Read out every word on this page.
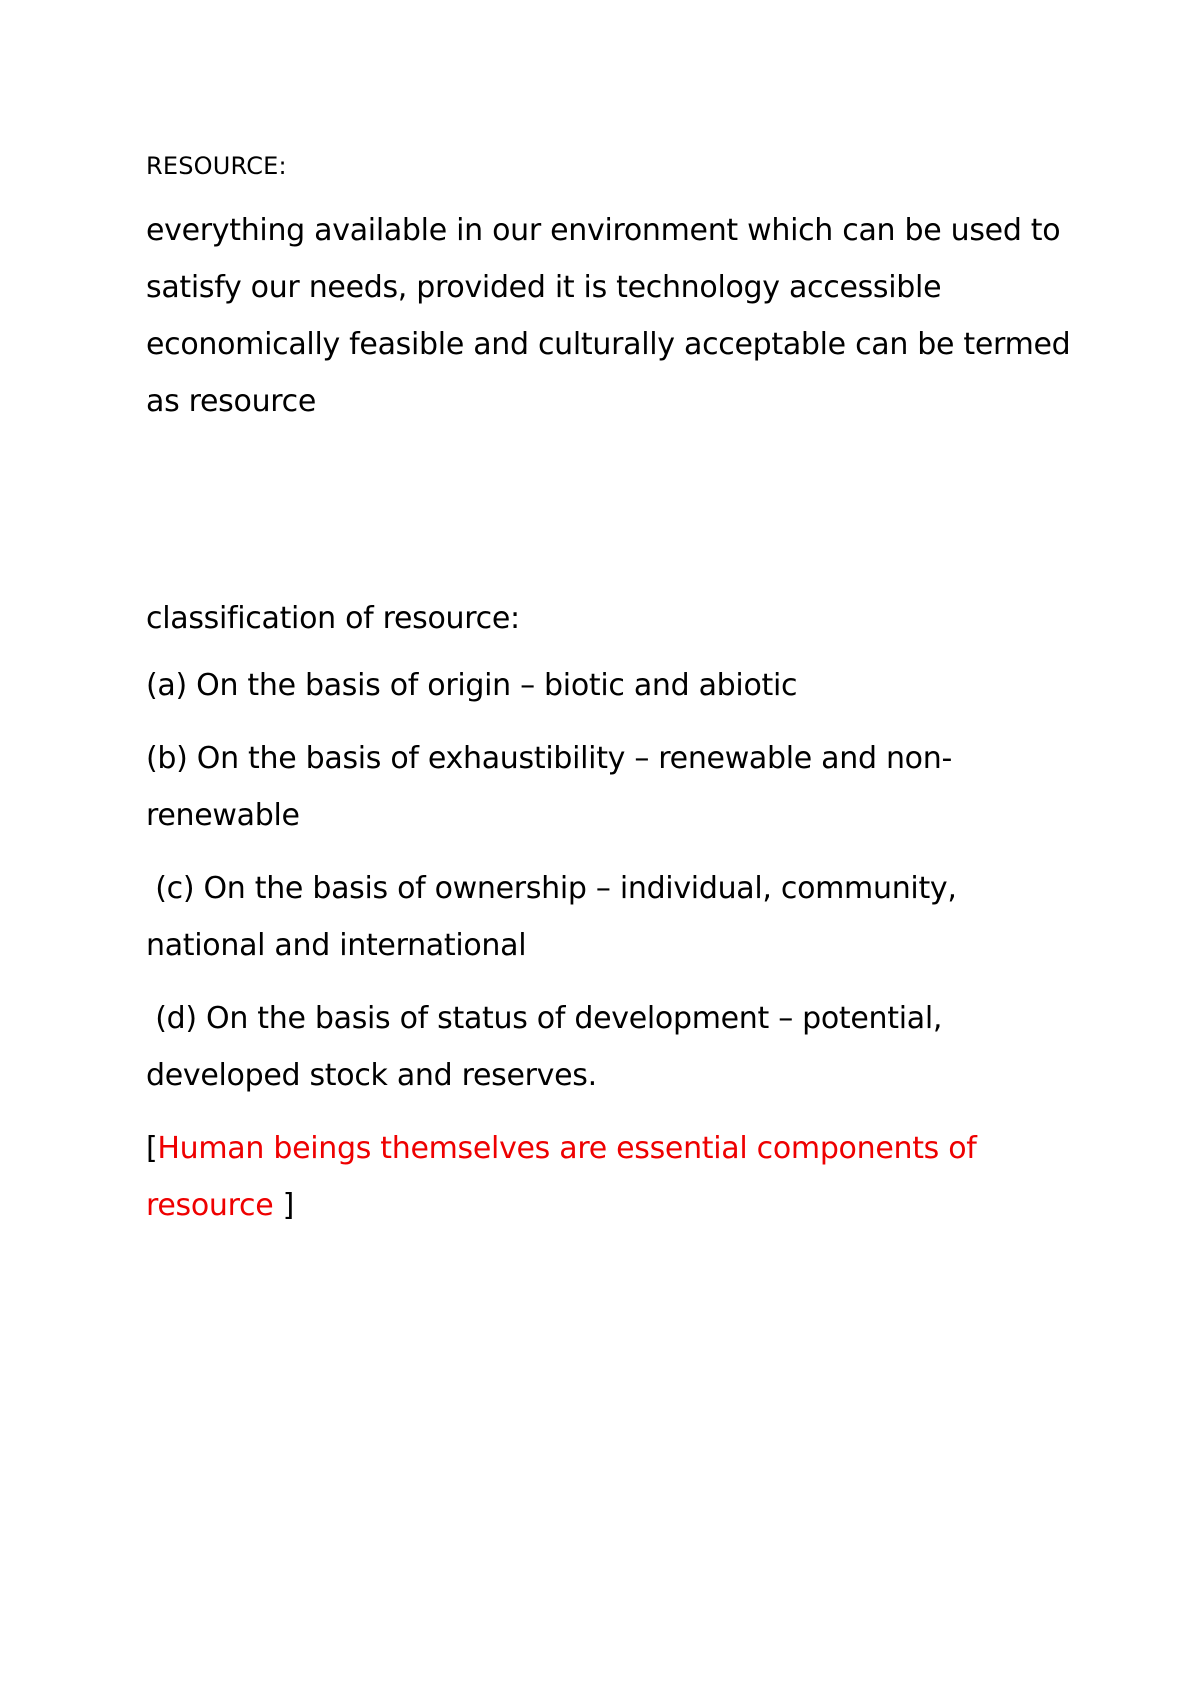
RESOURCE:

everything available in our environment which can be used to satisfy our needs, provided it is technology accessible economically feasible and culturally acceptable can be termed as resource

classification of resource:

(a) On the basis of origin – biotic and abiotic

(b) On the basis of exhaustibility – renewable and non-renewable

(c) On the basis of ownership – individual, community, national and international

(d) On the basis of status of development – potential, developed stock and reserves.

[Human beings themselves are essential components of resource ]
